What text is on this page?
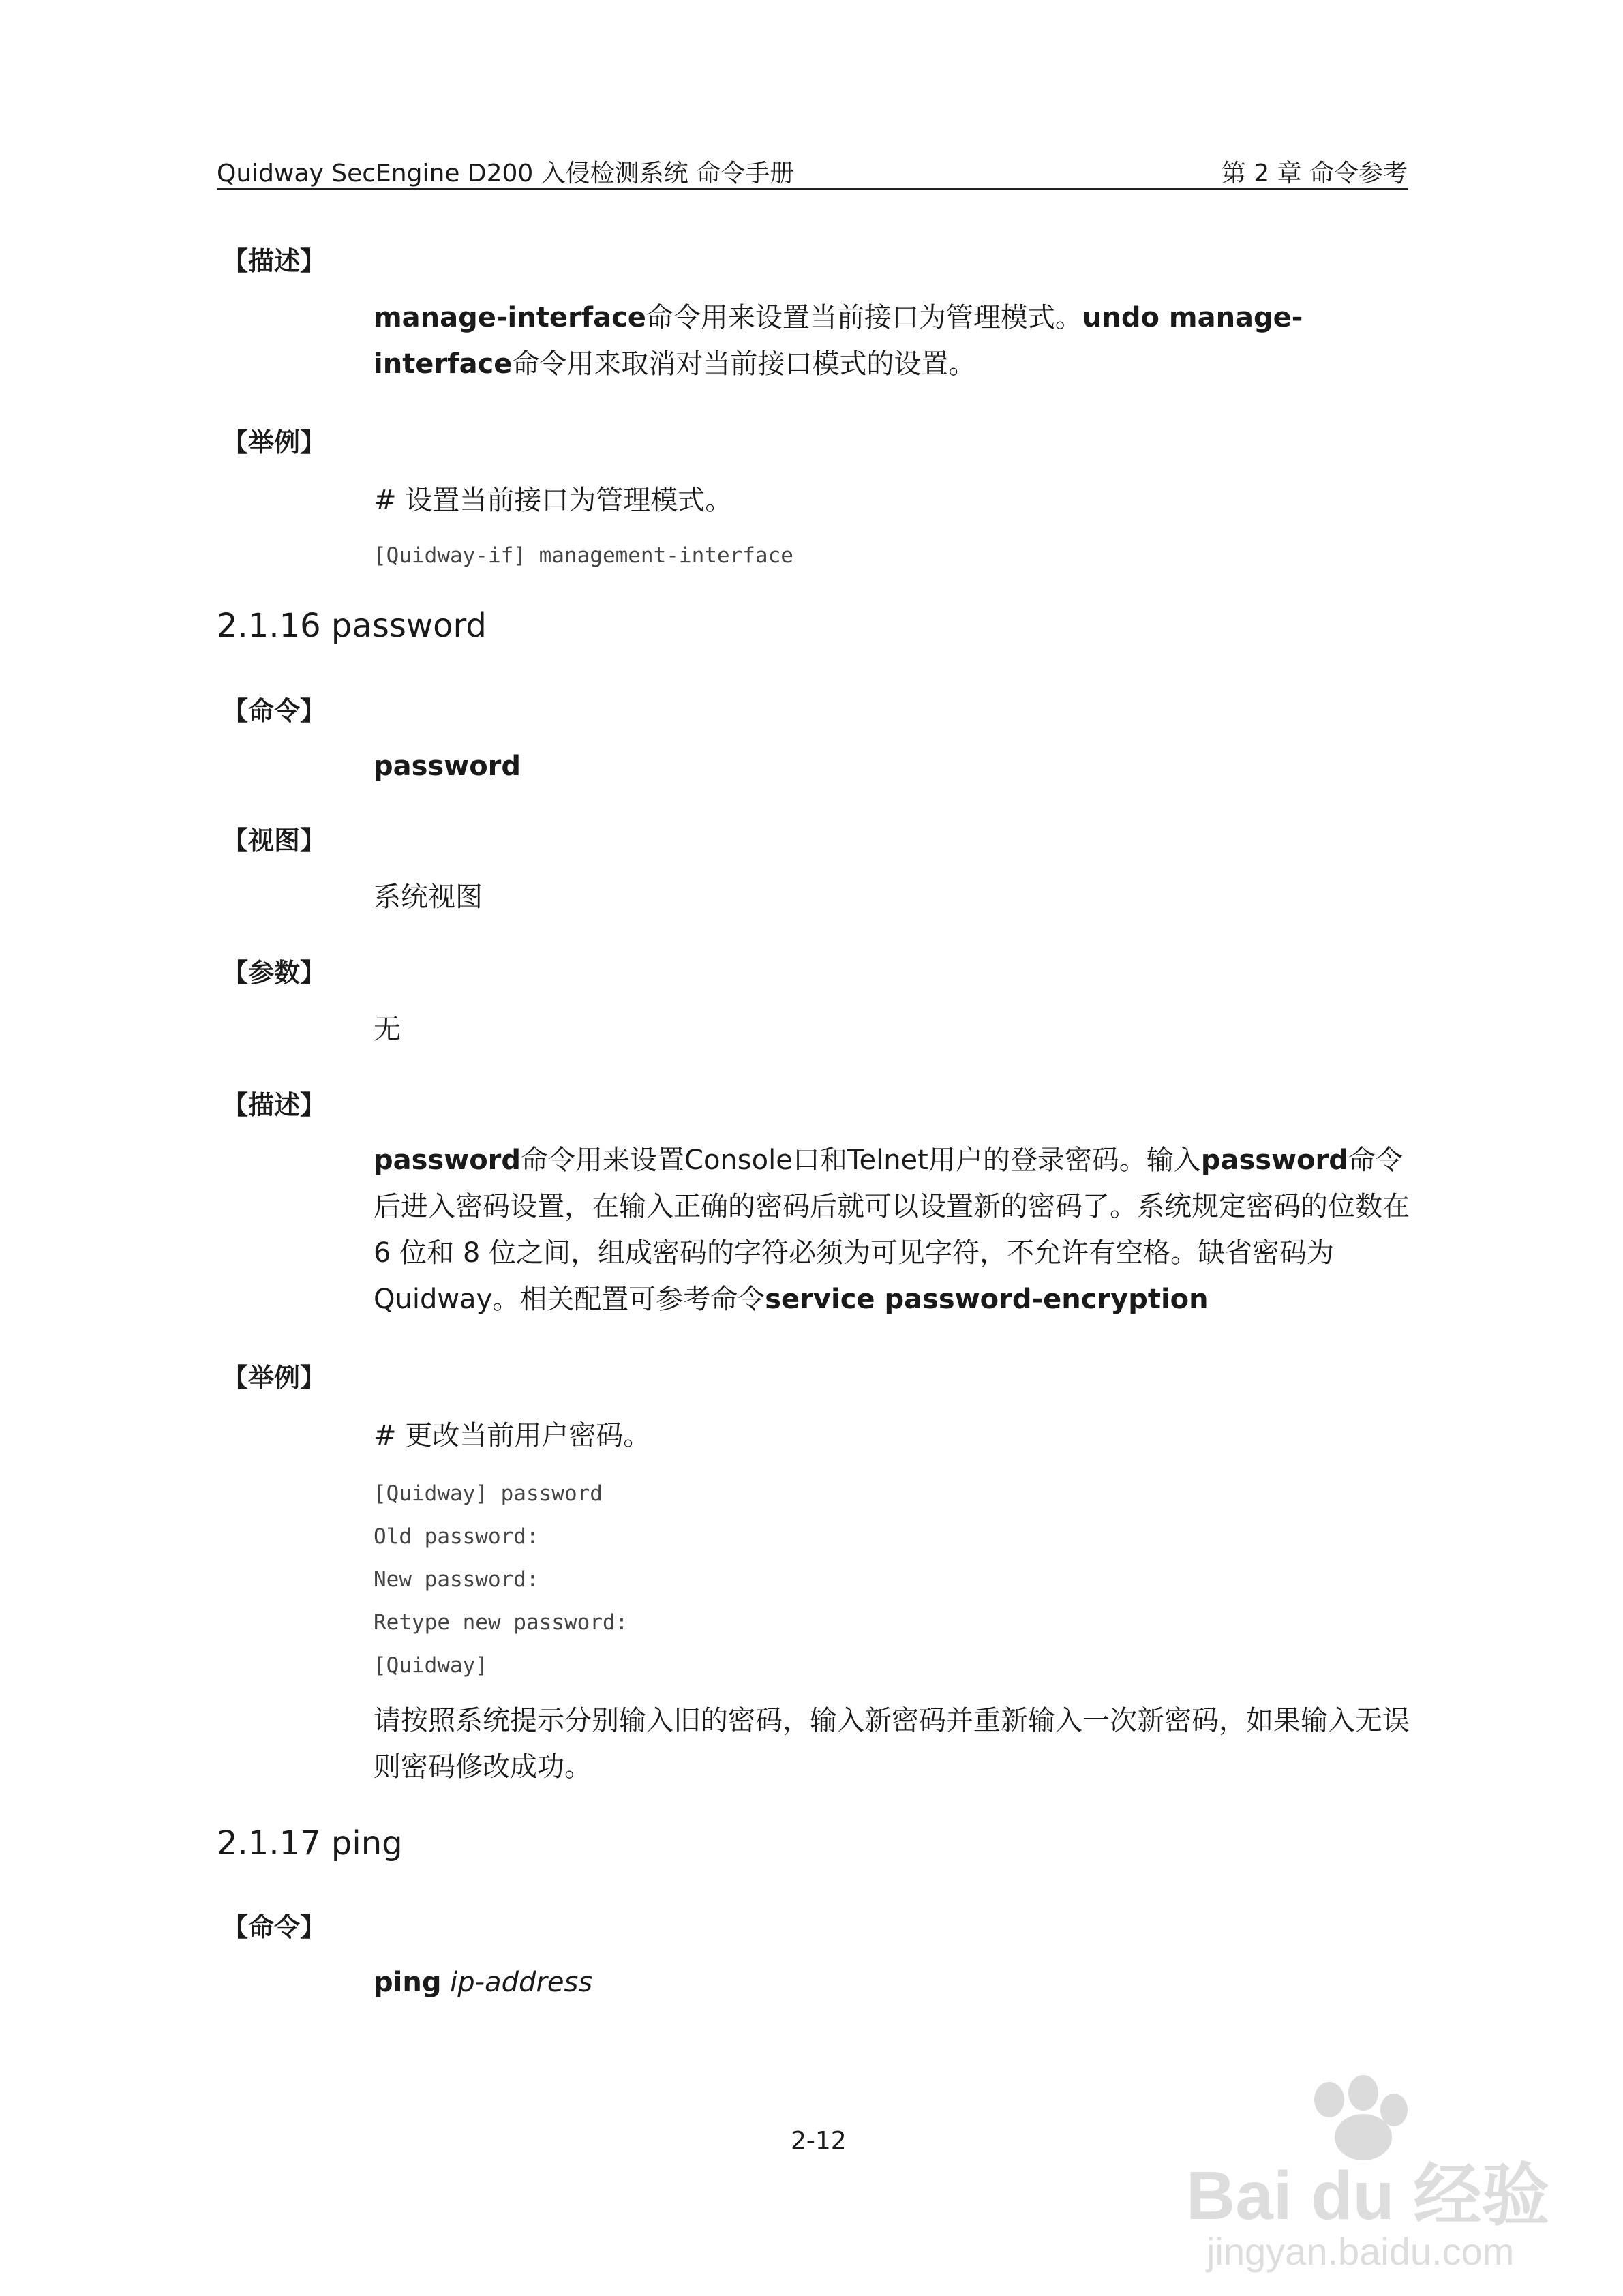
Quidway SecEngine D200 入侵检测系统 命令手册	第 2 章 命令参考
【描述】
manage-interface命令用来设置当前接口为管理模式。undo manage-interface命令用来取消对当前接口模式的设置。
【举例】
# 设置当前接口为管理模式。
[Quidway-if] management-interface
2.1.16 password
【命令】
password
【视图】
系统视图
【参数】
无
【描述】
password命令用来设置Console口和Telnet用户的登录密码。输入password命令后进入密码设置，在输入正确的密码后就可以设置新的密码了。系统规定密码的位数在 6 位和 8 位之间，组成密码的字符必须为可见字符，不允许有空格。缺省密码为Quidway。相关配置可参考命令service password-encryption
【举例】
# 更改当前用户密码。
[Quidway] password
Old password:
New password:
Retype new password:
[Quidway]
请按照系统提示分别输入旧的密码，输入新密码并重新输入一次新密码，如果输入无误则密码修改成功。
2.1.17 ping
【命令】
ping ip-address
2-12
Bai du 经验
jingyan.baidu.com
